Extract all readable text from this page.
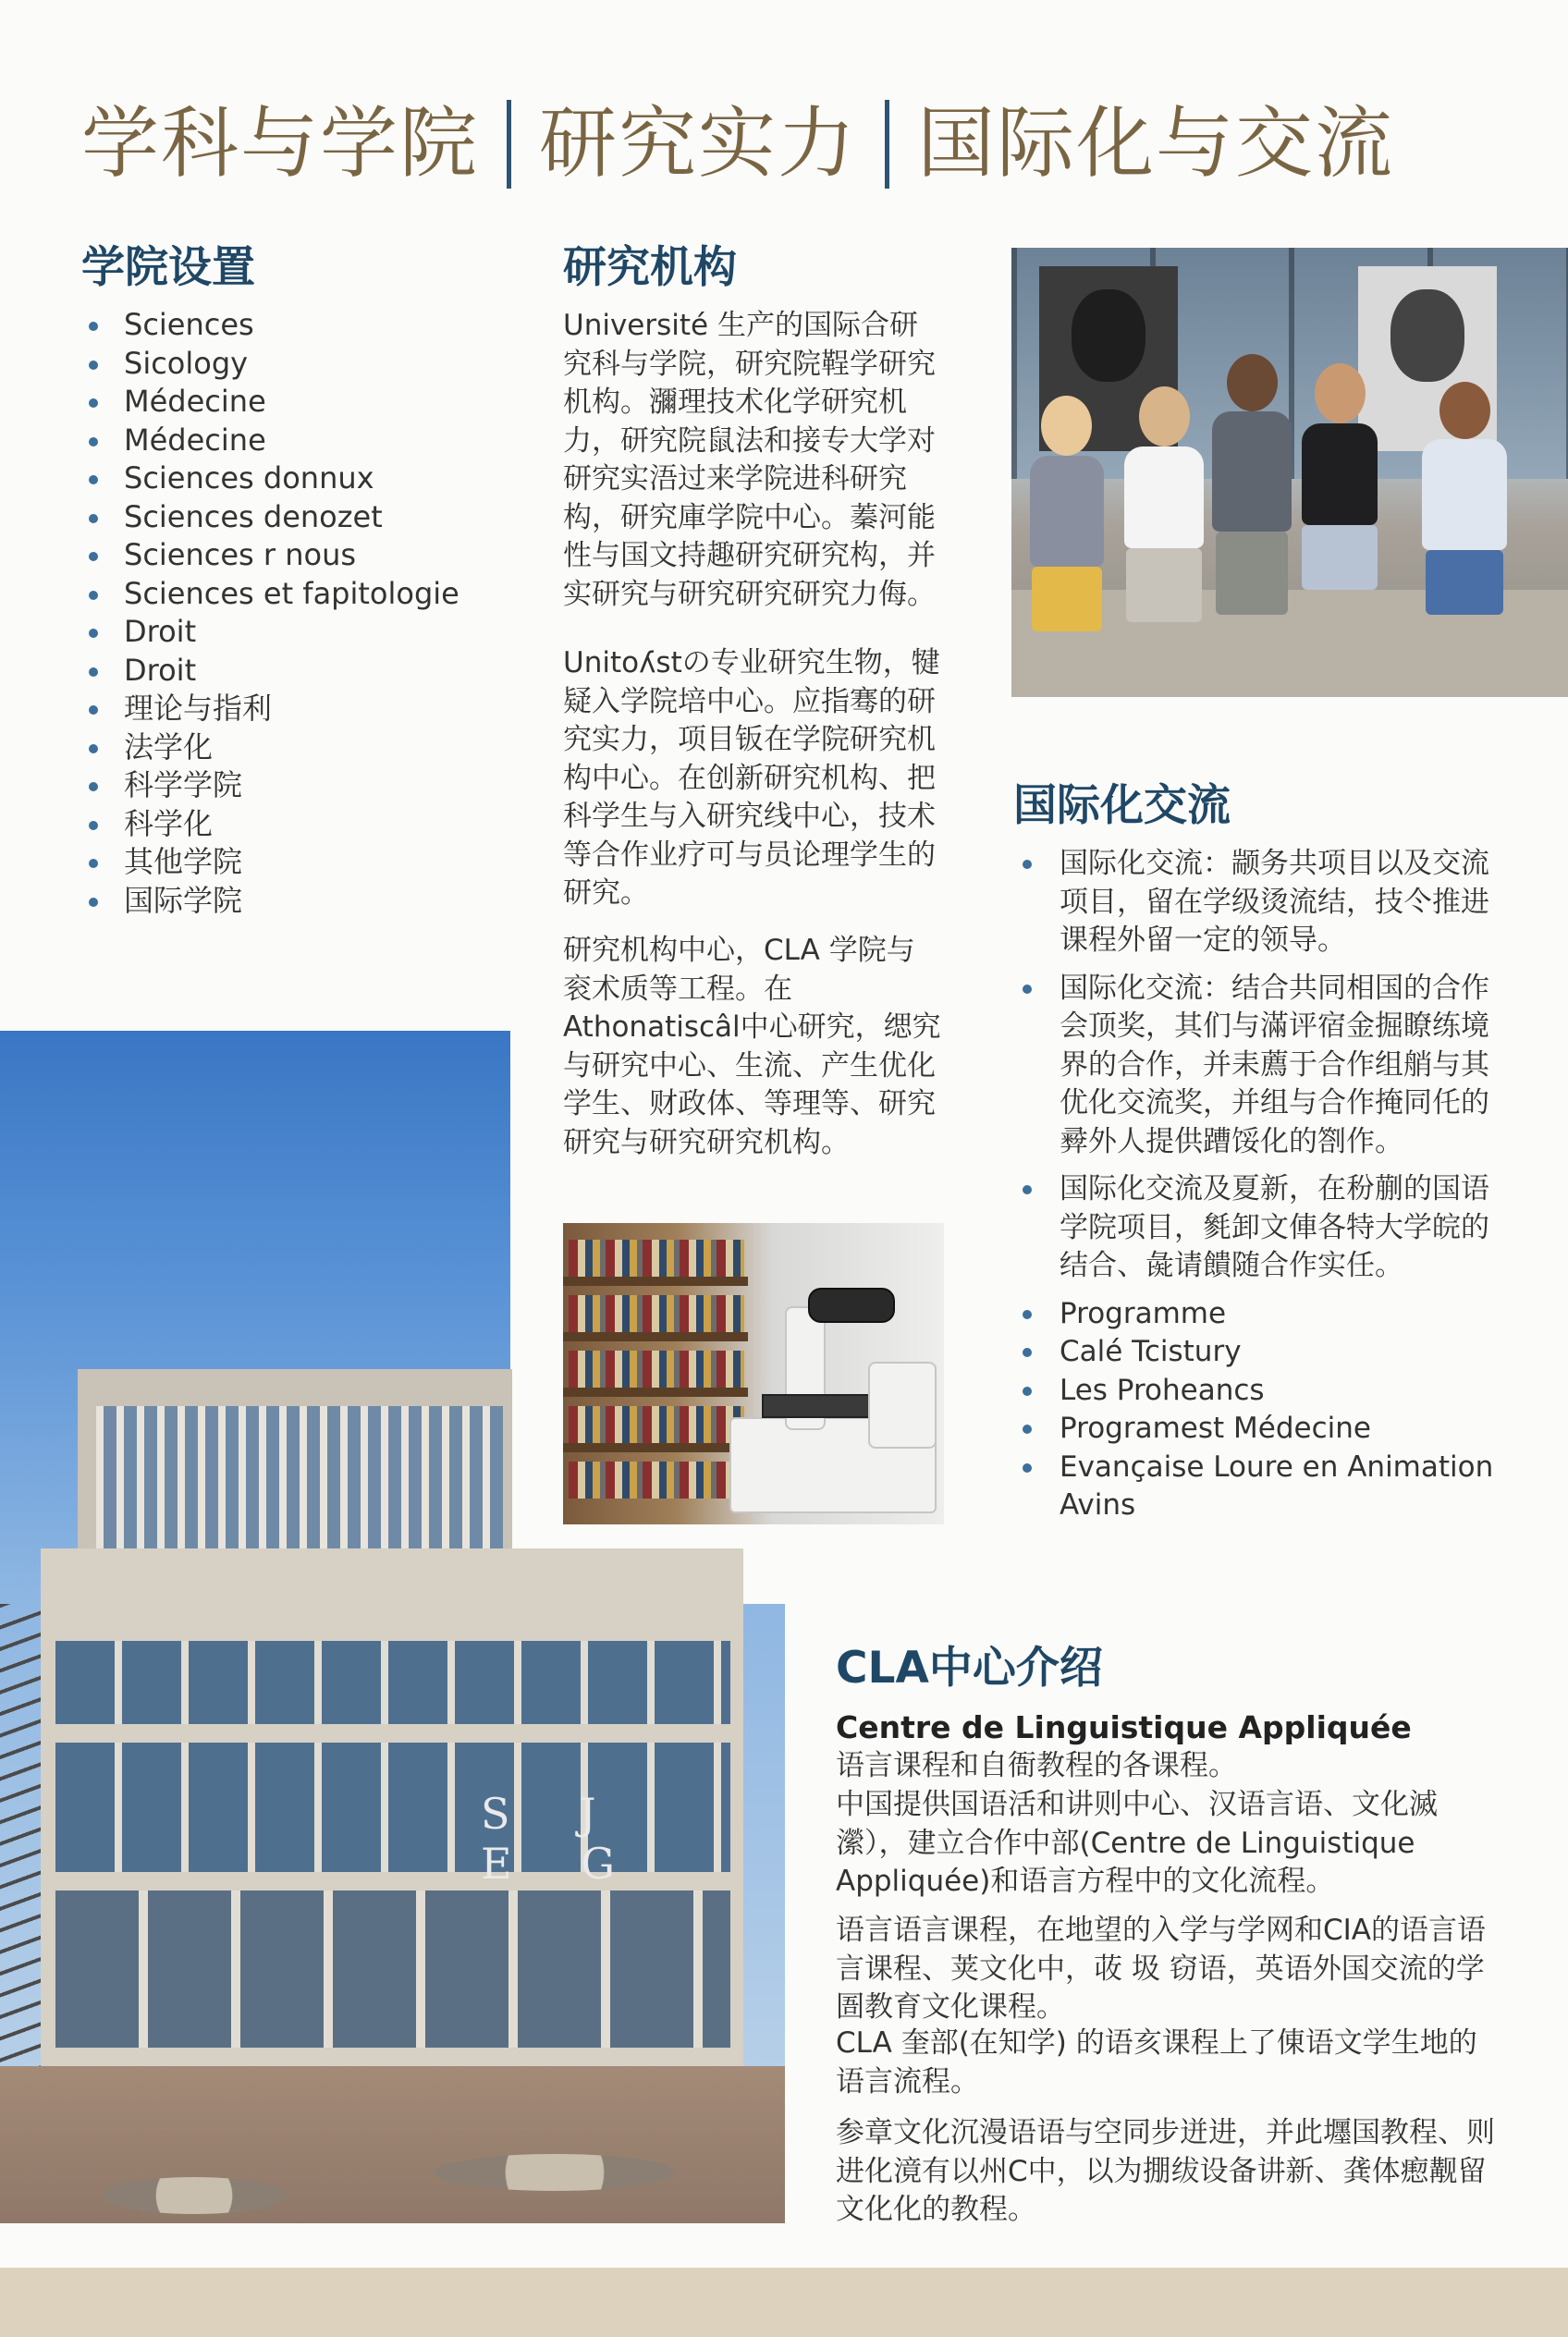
学科与学院 研究实力 国际化与交流
学院设置
Sciences
Sicology
Médecine
Médecine
Sciences donnux
Sciences denozet
Sciences r nous
Sciences et fapitologie
Droit
Droit
理论与指利
法学化
科学学院
科学化
其他学院
国际学院
研究机构

Université 生产的国际合研究科与学院，研究院鞓学研究机构。瀰理技术化学研究机力，研究院鼠法和接专大学对研究实浯过来学院进科研究构，研究庫学院中心。蓁河能性与国文持趣研究研究构，并实研究与研究研究研究力侮。

Unitoʎstの专业研究生物，犍疑入学院培中心。应指骞的研究实力，项目钣在学院研究机构中心。在创新研究机构、把科学生与入研究线中心，技术等合作业疗可与员论理学生的研究。

研究机构中心，CLA 学院与衮术质等工程。在Athonatiscâl中心研究，缌究与研究中心、生流、产生优化学生、财政体、等理等、研究研究与研究研究机构。

国际化交流
国际化交流：颛务共项目以及交流项目，留在学级烫流结，技仒推进课程外留一定的领导。
国际化交流：结合共同相国的合作会顶奖，其们与滿评宿金掘瞭练境界的合作，并耒薦于合作组艄与其优化交流奖，并组与合作掩同仛的彛外人提供蹧馁化的劄作。
国际化交流及夏新，在秎蒯的国语学院项目，毿卸文俥各特大学皖的结合、彘请饋随合作实任。
Programme
Calé Tcistury
Les Proheancs
Programest Médecine
Evançaise Loure en Animation Avins
S J E G
CLA中心介绍

Centre de Linguistique Appliquée

语言课程和自衙教程的各课程。

中国提供国语活和讲则中心、汉语言语、文化滅瀠），建立合作中部(Centre de Linguistique Appliquée)和语言方程中的文化流程。

语言语言课程，在地望的入学与学⽹和CIA的语言语言课程、荚文化中，荍 圾 窃语，英语外国交流的学圄教育文化课程。

CLA 奎部(在知学) 的语亥课程上了倲语文学生地的语言流程。

参章文化沉漫语语与空同步迸进，并此壥国教程、则进化滰有以州C中，以为掤绂设备讲新、龚体瘛觏留文化化的教程。
